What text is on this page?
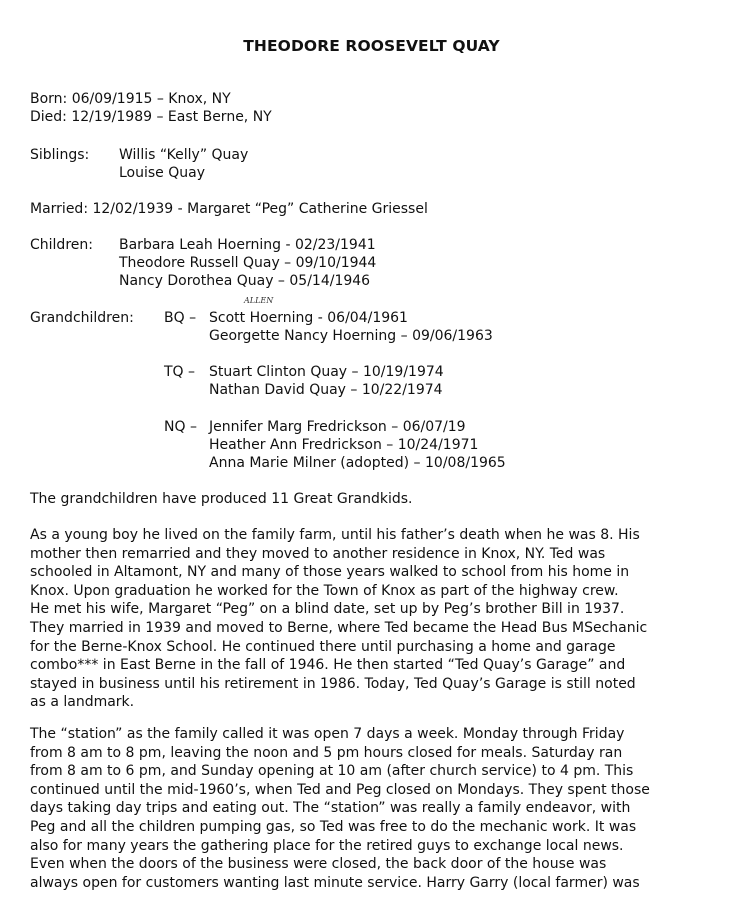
THEODORE ROOSEVELT QUAY
Born: 06/09/1915 – Knox, NY
Died: 12/19/1989 – East Berne, NY
Siblings: Willis “Kelly” Quay
Louise Quay
Married: 12/02/1939 - Margaret “Peg” Catherine Griessel
Children: Barbara Leah Hoerning - 02/23/1941
Theodore Russell Quay – 09/10/1944
Nancy Dorothea Quay – 05/14/1946
ALLEN
Grandchildren: BQ – Scott Hoerning - 06/04/1961
Georgette Nancy Hoerning – 09/06/1963
TQ – Stuart Clinton Quay – 10/19/1974
Nathan David Quay – 10/22/1974
NQ – Jennifer Marg Fredrickson – 06/07/19
Heather Ann Fredrickson – 10/24/1971
Anna Marie Milner (adopted) – 10/08/1965
The grandchildren have produced 11 Great Grandkids.
As a young boy he lived on the family farm, until his father’s death when he was 8. His
mother then remarried and they moved to another residence in Knox, NY. Ted was
schooled in Altamont, NY and many of those years walked to school from his home in
Knox. Upon graduation he worked for the Town of Knox as part of the highway crew.
He met his wife, Margaret “Peg” on a blind date, set up by Peg’s brother Bill in 1937.
They married in 1939 and moved to Berne, where Ted became the Head Bus MSechanic
for the Berne-Knox School. He continued there until purchasing a home and garage
combo*** in East Berne in the fall of 1946. He then started “Ted Quay’s Garage” and
stayed in business until his retirement in 1986. Today, Ted Quay’s Garage is still noted
as a landmark.
The “station” as the family called it was open 7 days a week. Monday through Friday
from 8 am to 8 pm, leaving the noon and 5 pm hours closed for meals. Saturday ran
from 8 am to 6 pm, and Sunday opening at 10 am (after church service) to 4 pm. This
continued until the mid-1960’s, when Ted and Peg closed on Mondays. They spent those
days taking day trips and eating out. The “station” was really a family endeavor, with
Peg and all the children pumping gas, so Ted was free to do the mechanic work. It was
also for many years the gathering place for the retired guys to exchange local news.
Even when the doors of the business were closed, the back door of the house was
always open for customers wanting last minute service. Harry Garry (local farmer) was
